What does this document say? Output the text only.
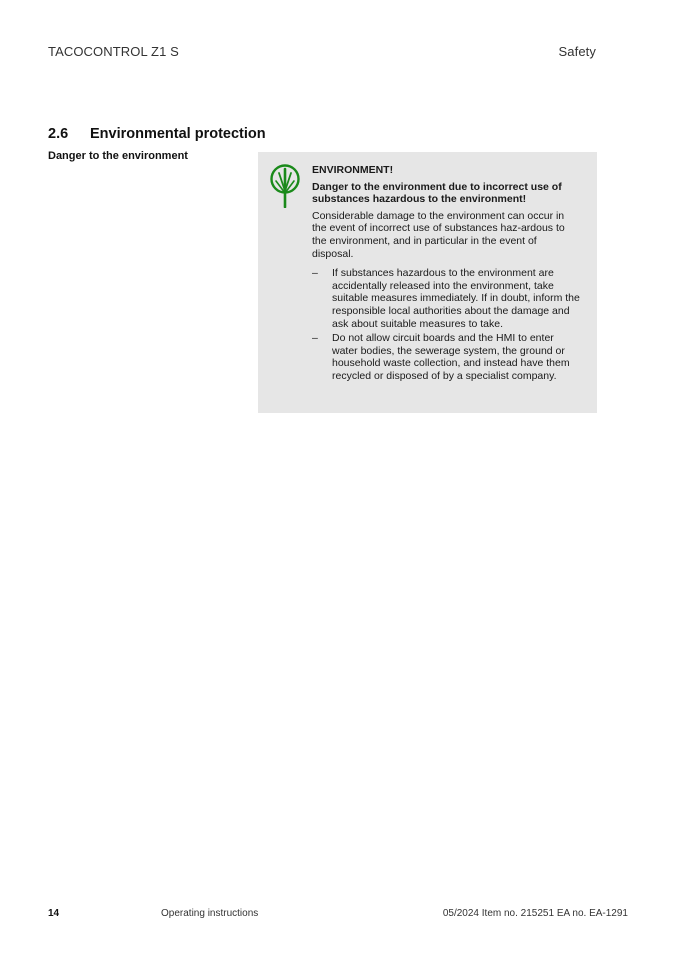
TACOCONTROL Z1 S	Safety
2.6 Environmental protection
Danger to the environment
ENVIRONMENT!
Danger to the environment due to incorrect use of substances hazardous to the environment!
Considerable damage to the environment can occur in the event of incorrect use of substances haz-ardous to the environment, and in particular in the event of disposal.
– If substances hazardous to the environment are accidentally released into the environment, take suitable measures immediately. If in doubt, inform the responsible local authorities about the damage and ask about suitable measures to take.
– Do not allow circuit boards and the HMI to enter water bodies, the sewerage system, the ground or household waste collection, and instead have them recycled or disposed of by a specialist company.
14	Operating instructions	05/2024 Item no. 215251 EA no. EA-1291
